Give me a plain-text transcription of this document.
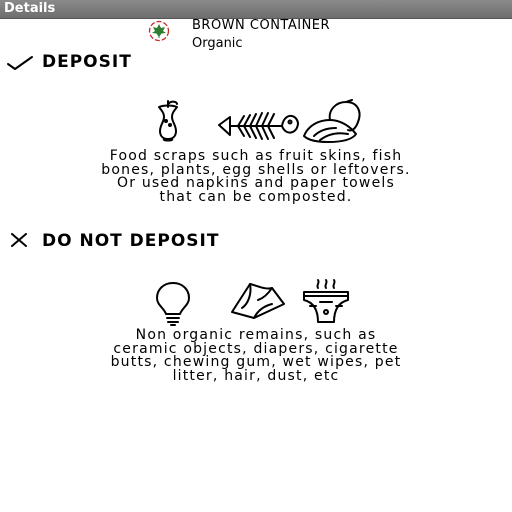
Details
BROWN CONTAINER
Organic
DEPOSIT
Food scraps such as fruit skins, fish
bones, plants, egg shells or leftovers.
Or used napkins and paper towels
that can be composted.
DO NOT DEPOSIT
Non organic remains, such as
ceramic objects, diapers, cigarette
butts, chewing gum, wet wipes, pet
litter, hair, dust, etc
